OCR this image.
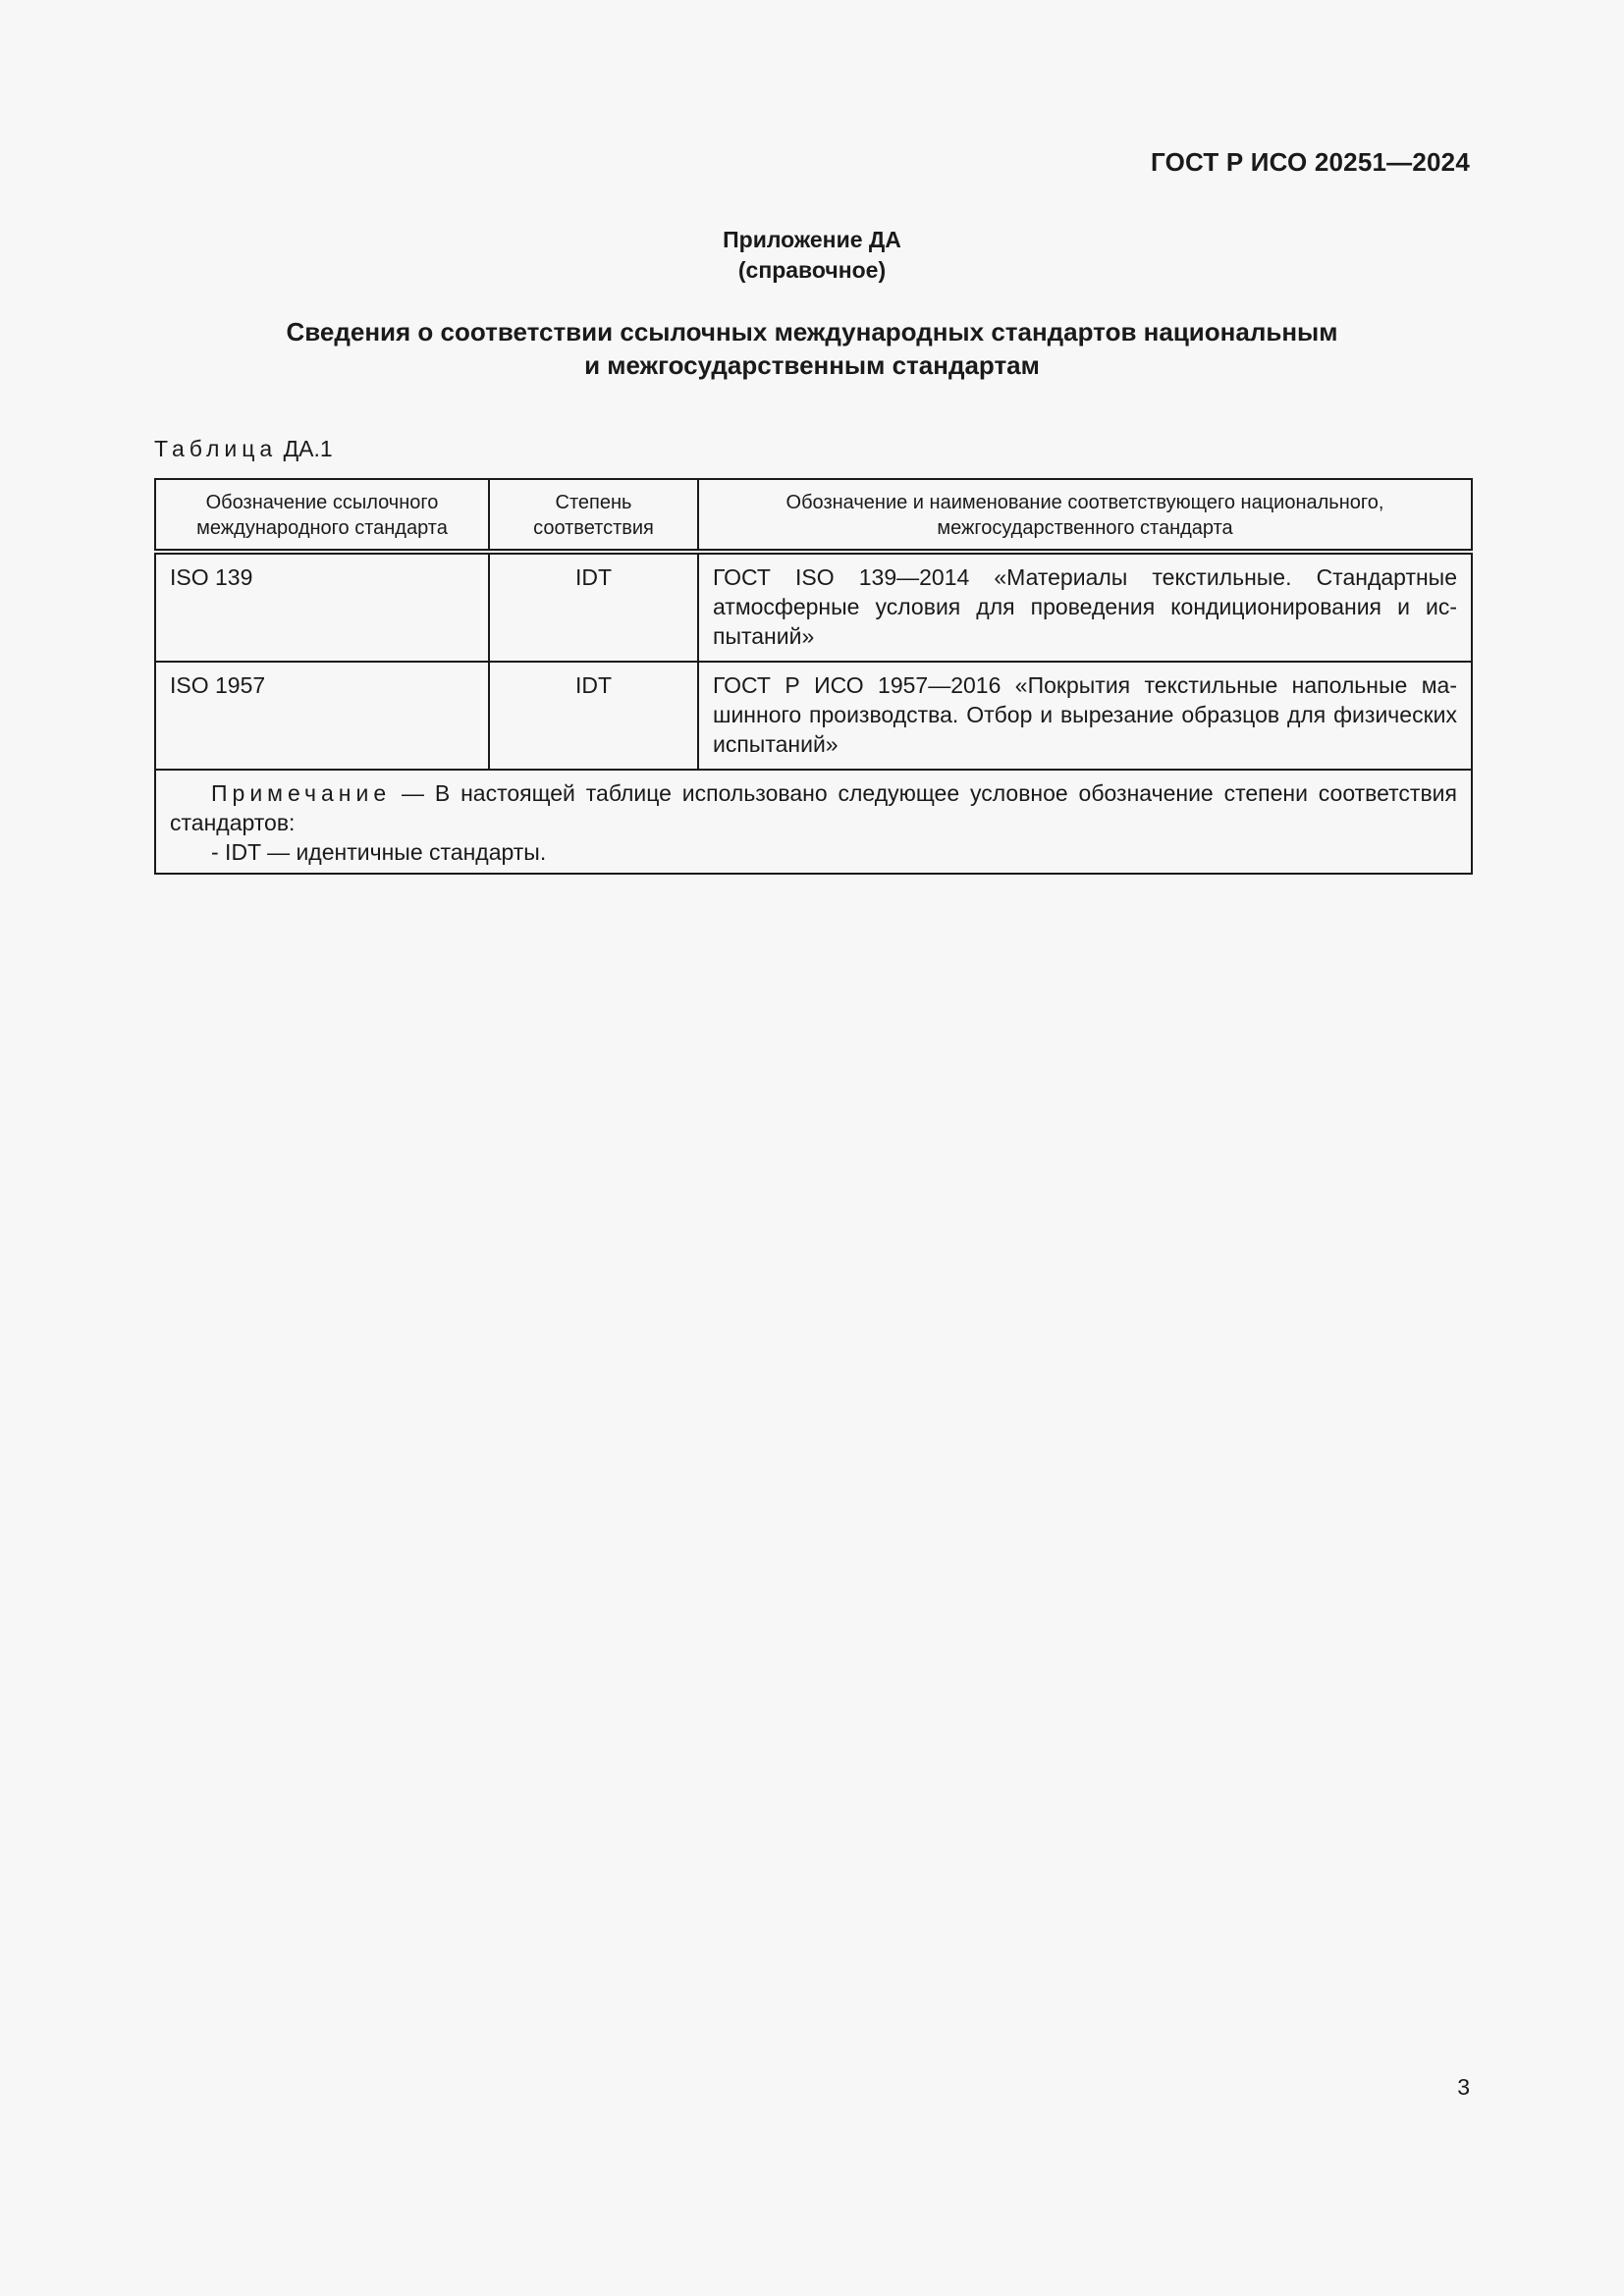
ГОСТ Р ИСО 20251—2024
Приложение ДА
(справочное)
Сведения о соответствии ссылочных международных стандартов национальным
и межгосударственным стандартам
Таблица ДА.1
Обозначение ссылочного международного стандарта	Степень соответствия	Обозначение и наименование соответствующего национального, межгосударственного стандарта
ISO 139	IDT	ГОСТ ISO 139—2014 «Материалы текстильные. Стандартные атмосферные условия для проведения кондиционирования и испытаний»
ISO 1957	IDT	ГОСТ Р ИСО 1957—2016 «Покрытия текстильные напольные машинного производства. Отбор и вырезание образцов для физических испытаний»

Примечание — В настоящей таблице использовано следующее условное обозначение степени соответствия стандартов:
- IDT — идентичные стандарты.		
3
